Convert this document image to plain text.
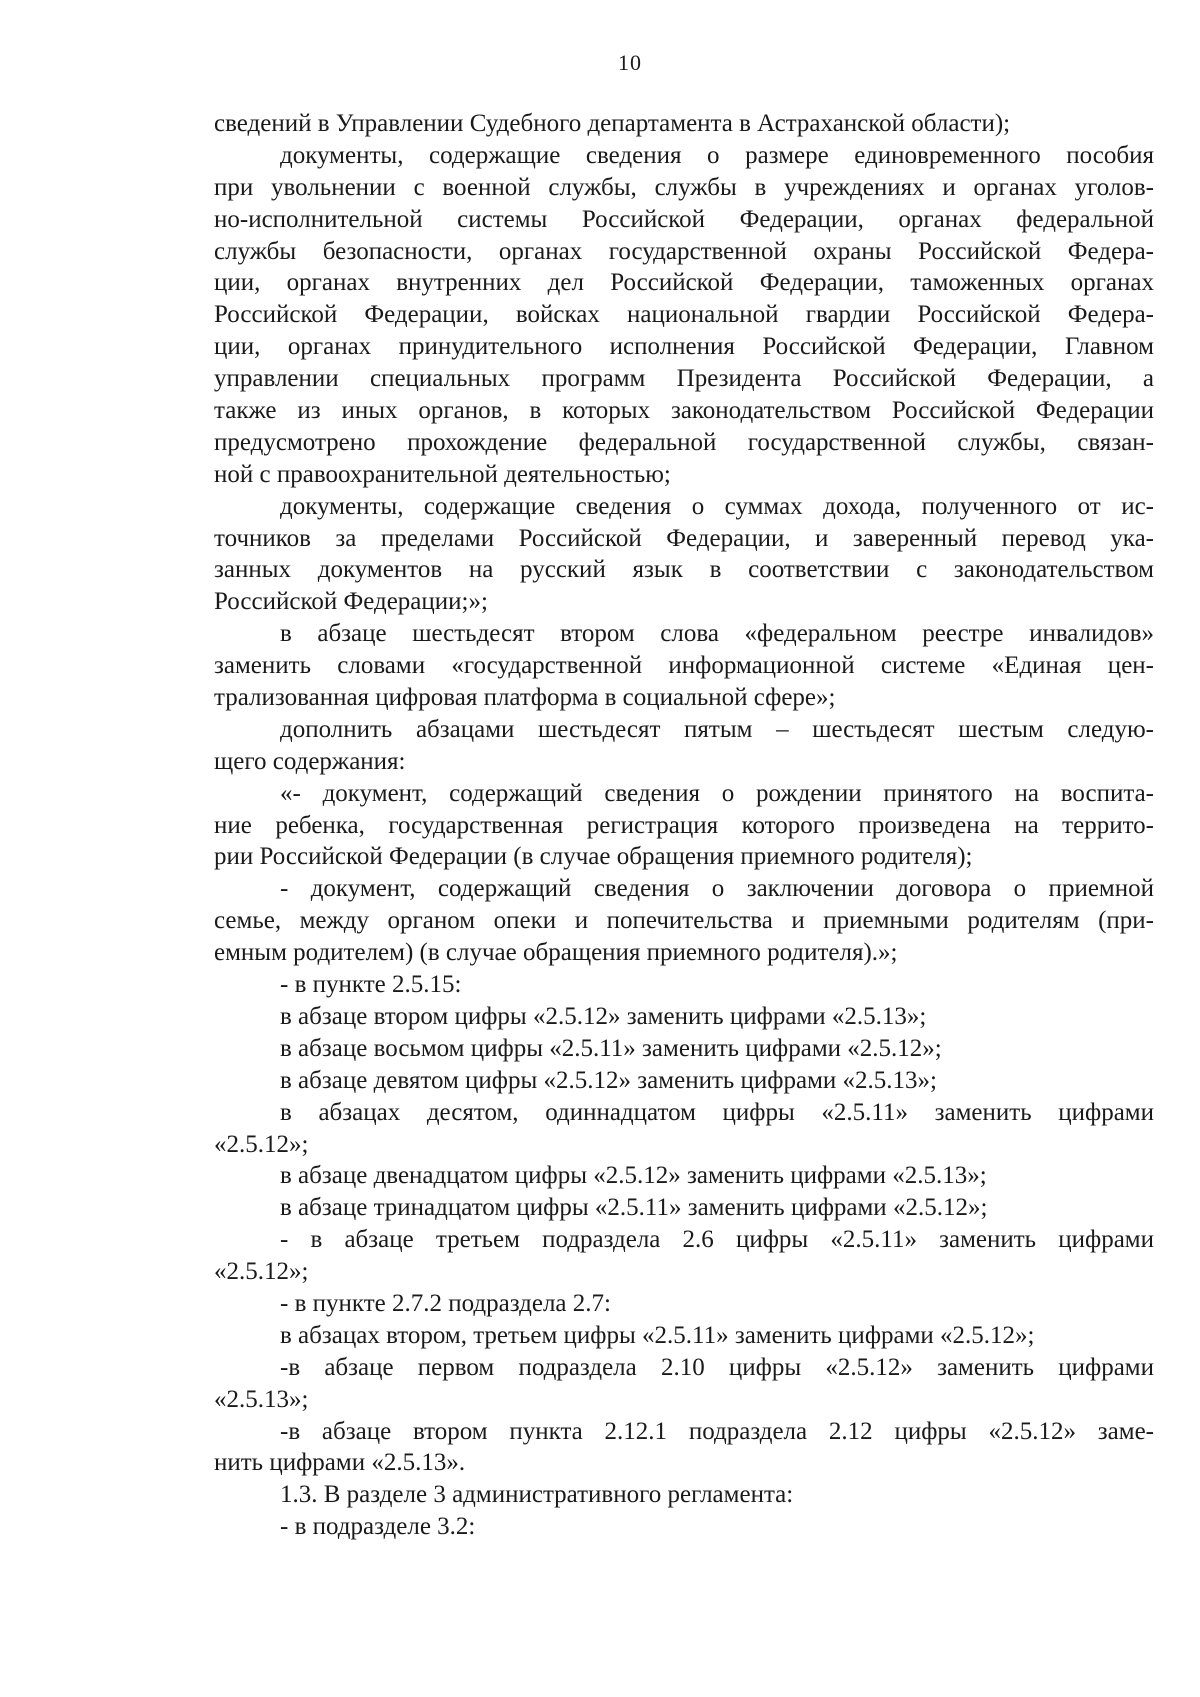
10
сведений в Управлении Судебного департамента в Астраханской области);
документы, содержащие сведения о размере единовременного пособия
при увольнении с военной службы, службы в учреждениях и органах уголов-
но-исполнительной системы Российской Федерации, органах федеральной
службы безопасности, органах государственной охраны Российской Федера-
ции, органах внутренних дел Российской Федерации, таможенных органах
Российской Федерации, войсках национальной гвардии Российской Федера-
ции, органах принудительного исполнения Российской Федерации, Главном
управлении специальных программ Президента Российской Федерации, а
также из иных органов, в которых законодательством Российской Федерации
предусмотрено прохождение федеральной государственной службы, связан-
ной с правоохранительной деятельностью;
документы, содержащие сведения о суммах дохода, полученного от ис-
точников за пределами Российской Федерации, и заверенный перевод ука-
занных документов на русский язык в соответствии с законодательством
Российской Федерации;»;
в абзаце шестьдесят втором слова «федеральном реестре инвалидов»
заменить словами «государственной информационной системе «Единая цен-
трализованная цифровая платформа в социальной сфере»;
дополнить абзацами шестьдесят пятым – шестьдесят шестым следую-
щего содержания:
«- документ, содержащий сведения о рождении принятого на воспита-
ние ребенка, государственная регистрация которого произведена на террито-
рии Российской Федерации (в случае обращения приемного родителя);
- документ, содержащий сведения о заключении договора о приемной
семье, между органом опеки и попечительства и приемными родителям (при-
емным родителем) (в случае обращения приемного родителя).»;
- в пункте 2.5.15:
в абзаце втором цифры «2.5.12» заменить цифрами «2.5.13»;
в абзаце восьмом цифры «2.5.11» заменить цифрами «2.5.12»;
в абзаце девятом цифры «2.5.12» заменить цифрами «2.5.13»;
в абзацах десятом, одиннадцатом цифры «2.5.11» заменить цифрами
«2.5.12»;
в абзаце двенадцатом цифры «2.5.12» заменить цифрами «2.5.13»;
в абзаце тринадцатом цифры «2.5.11» заменить цифрами «2.5.12»;
- в абзаце третьем подраздела 2.6 цифры «2.5.11» заменить цифрами
«2.5.12»;
- в пункте 2.7.2 подраздела 2.7:
в абзацах втором, третьем цифры «2.5.11» заменить цифрами «2.5.12»;
-в абзаце первом подраздела 2.10 цифры «2.5.12» заменить цифрами
«2.5.13»;
-в абзаце втором пункта 2.12.1 подраздела 2.12 цифры «2.5.12» заме-
нить цифрами «2.5.13».
1.3. В разделе 3 административного регламента:
- в подразделе 3.2:
